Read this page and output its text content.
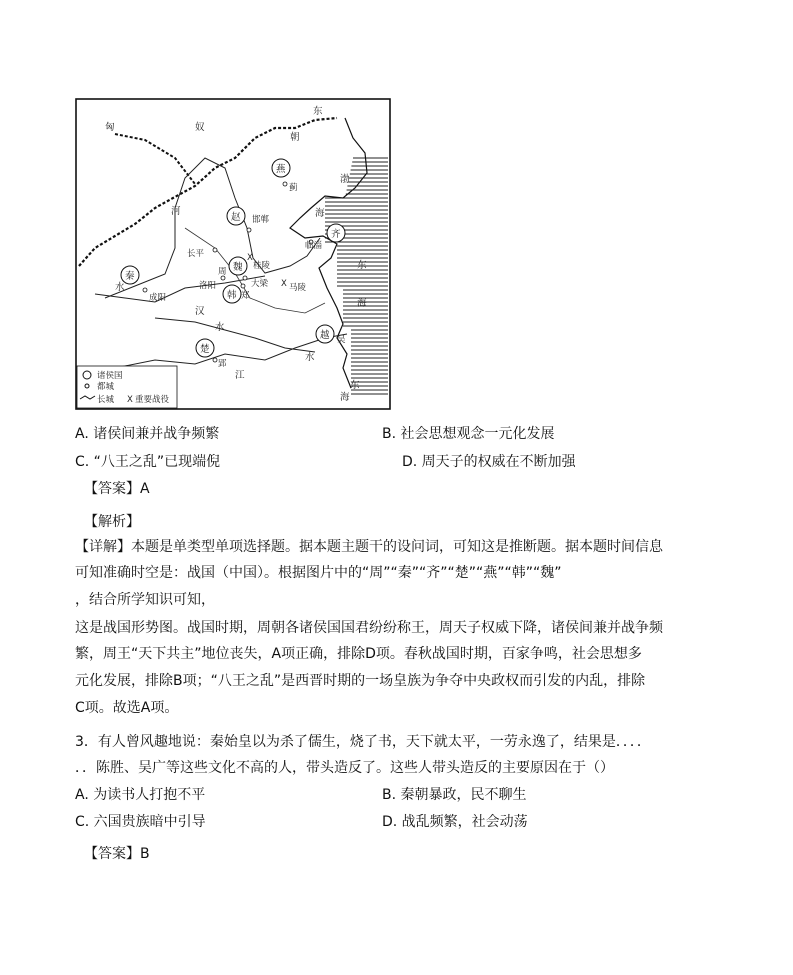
东
匈	奴
朝
河
渤
海
东
海
东
海
水
汉
水
江
水
燕
齐
赵
魏
秦
韩
楚
越
蓟
邯郸
临淄
长平
周
桂陵
大梁
洛阳
成阳	郑
马陵
郢
吴
X
X
诸侯国
都城
长城 X 重要战役
A. 诸侯间兼并战争频繁	B. 社会思想观念一元化发展
C. “八王之乱”已现端倪	D. 周天子的权威在不断加强
【答案】A
【解析】
【详解】本题是单类型单项选择题。据本题主题干的设问词，可知这是推断题。据本题时间信息
可知准确时空是：战国（中国）。根据图片中的“周”“秦”“齐”“楚”“燕”“韩”“魏”
，结合所学知识可知，
这是战国形势图。战国时期，周朝各诸侯国国君纷纷称王，周天子权威下降，诸侯间兼并战争频
繁，周王“天下共主”地位丧失，A项正确，排除D项。春秋战国时期，百家争鸣，社会思想多
元化发展，排除B项；“八王之乱”是西晋时期的一场皇族为争夺中央政权而引发的内乱，排除
C项。故选A项。
3．有人曾风趣地说：秦始皇以为杀了儒生，烧了书，天下就太平，一劳永逸了，结果是．．．．
．．陈胜、吴广等这些文化不高的人，带头造反了。这些人带头造反的主要原因在于（）
A. 为读书人打抱不平	B. 秦朝暴政，民不聊生
C. 六国贵族暗中引导	D. 战乱频繁，社会动荡
【答案】B
